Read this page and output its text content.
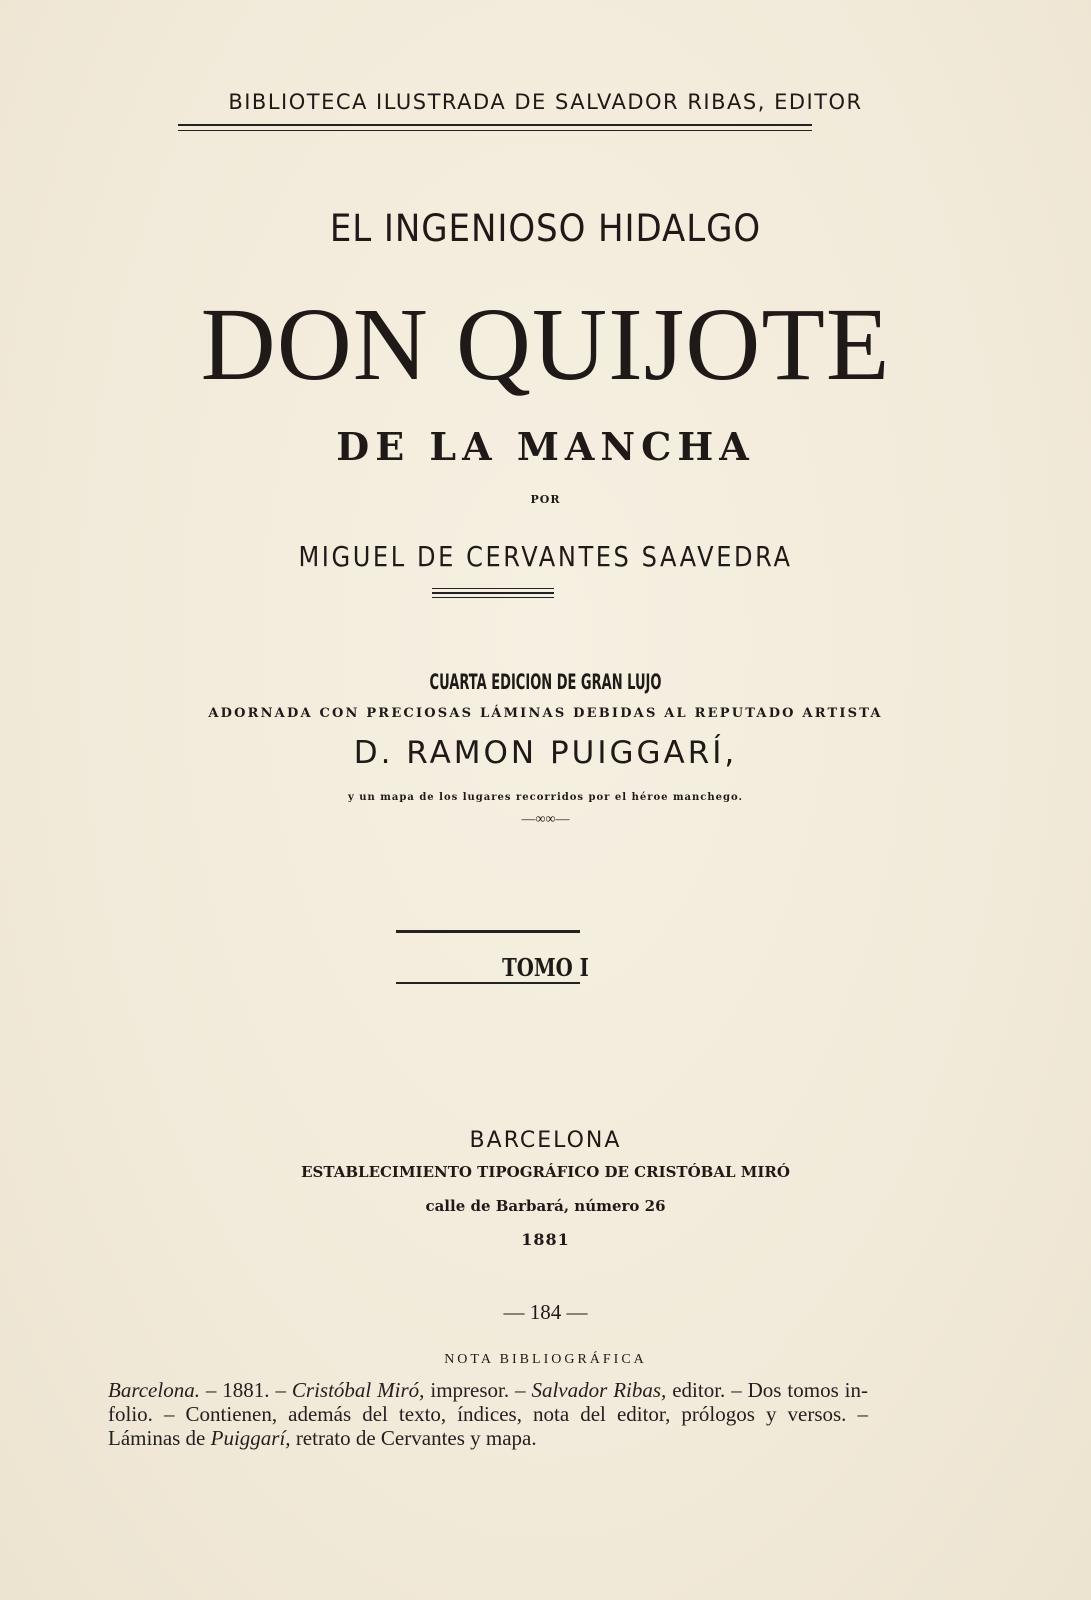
BIBLIOTECA ILUSTRADA DE SALVADOR RIBAS, EDITOR
EL INGENIOSO HIDALGO
DON QUIJOTE
DE LA MANCHA
POR
MIGUEL DE CERVANTES SAAVEDRA
CUARTA EDICION DE GRAN LUJO
ADORNADA CON PRECIOSAS LÁMINAS DEBIDAS AL REPUTADO ARTISTA
D. RAMON PUIGGARÍ,
y un mapa de los lugares recorridos por el héroe manchego.
—∞∞—
TOMO I
BARCELONA
ESTABLECIMIENTO TIPOGRÁFICO DE CRISTÓBAL MIRÓ
calle de Barbará, número 26
1881
— 184 —
NOTA BIBLIOGRÁFICA
Barcelona. – 1881. – Cristóbal Miró, impresor. – Salvador Ribas, editor. – Dos tomos in-folio. – Contienen, además del texto, índices, nota del editor, prólogos y versos. – Láminas de Puiggarí, retrato de Cervantes y mapa.
